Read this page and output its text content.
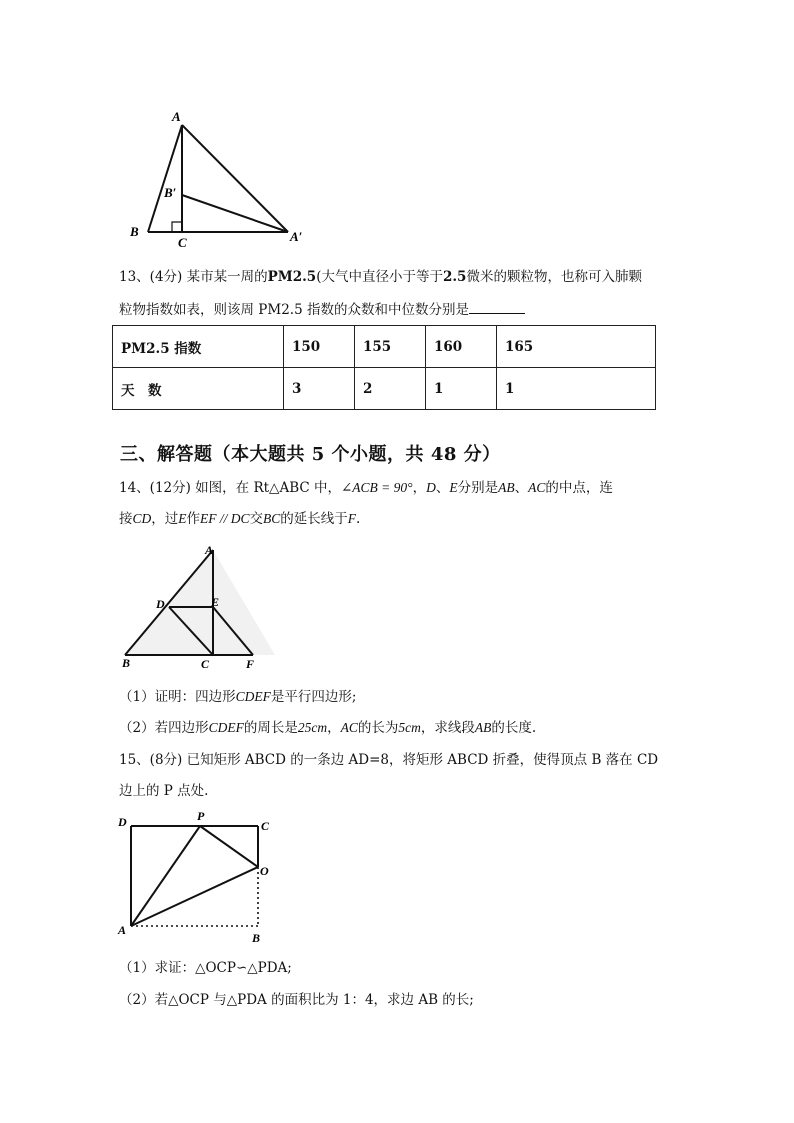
A
B′
B
C	A′
13、(4分) 某市某一周的PM2.5(大气中直径小于等于2.5微米的颗粒物，也称可入肺颗
粒物指数如表，则该周 PM2.5 指数的众数和中位数分别是
PM2.5 指数	150	155	160	165
天　数	3	2	1	1
三、解答题（本大题共 5 个小题，共 48 分）
14、(12分) 如图，在 Rt△ABC 中，∠ACB = 90°，D、E分别是AB、AC的中点，连
接CD，过E作EF // DC交BC的延长线于F.
A
D	E
B	C	F
（1）证明：四边形CDEF是平行四边形;
（2）若四边形CDEF的周长是25cm，AC的长为5cm，求线段AB的长度.
15、(8分) 已知矩形 ABCD 的一条边 AD=8，将矩形 ABCD 折叠，使得顶点 B 落在 CD
边上的 P 点处.
D	P
C
O
A
B
（1）求证：△OCP∽△PDA;
（2）若△OCP 与△PDA 的面积比为 1：4，求边 AB 的长;
